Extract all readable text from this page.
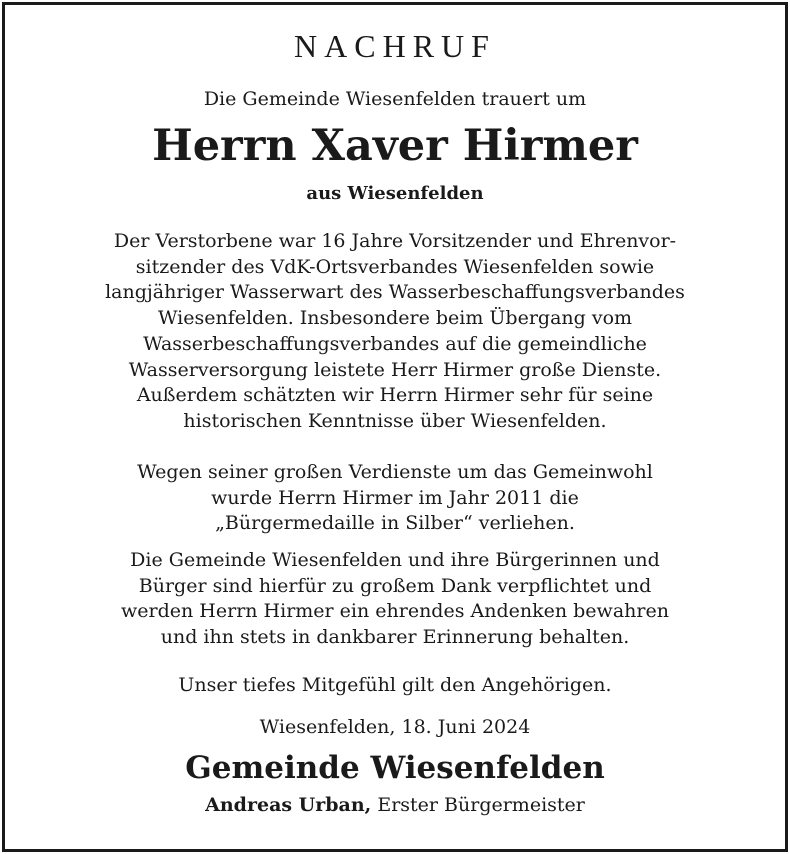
NACHRUF
Die Gemeinde Wiesenfelden trauert um
Herrn Xaver Hirmer
aus Wiesenfelden
Der Verstorbene war 16 Jahre Vorsitzender und Ehrenvor-
sitzender des VdK-Ortsverbandes Wiesenfelden sowie
langjähriger Wasserwart des Wasserbeschaffungsverbandes
Wiesenfelden. Insbesondere beim Übergang vom
Wasserbeschaffungsverbandes auf die gemeindliche
Wasserversorgung leistete Herr Hirmer große Dienste.
Außerdem schätzten wir Herrn Hirmer sehr für seine
historischen Kenntnisse über Wiesenfelden.
Wegen seiner großen Verdienste um das Gemeinwohl
wurde Herrn Hirmer im Jahr 2011 die
„Bürgermedaille in Silber“ verliehen.
Die Gemeinde Wiesenfelden und ihre Bürgerinnen und
Bürger sind hierfür zu großem Dank verpflichtet und
werden Herrn Hirmer ein ehrendes Andenken bewahren
und ihn stets in dankbarer Erinnerung behalten.
Unser tiefes Mitgefühl gilt den Angehörigen.
Wiesenfelden, 18. Juni 2024
Gemeinde Wiesenfelden
Andreas Urban, Erster Bürgermeister
